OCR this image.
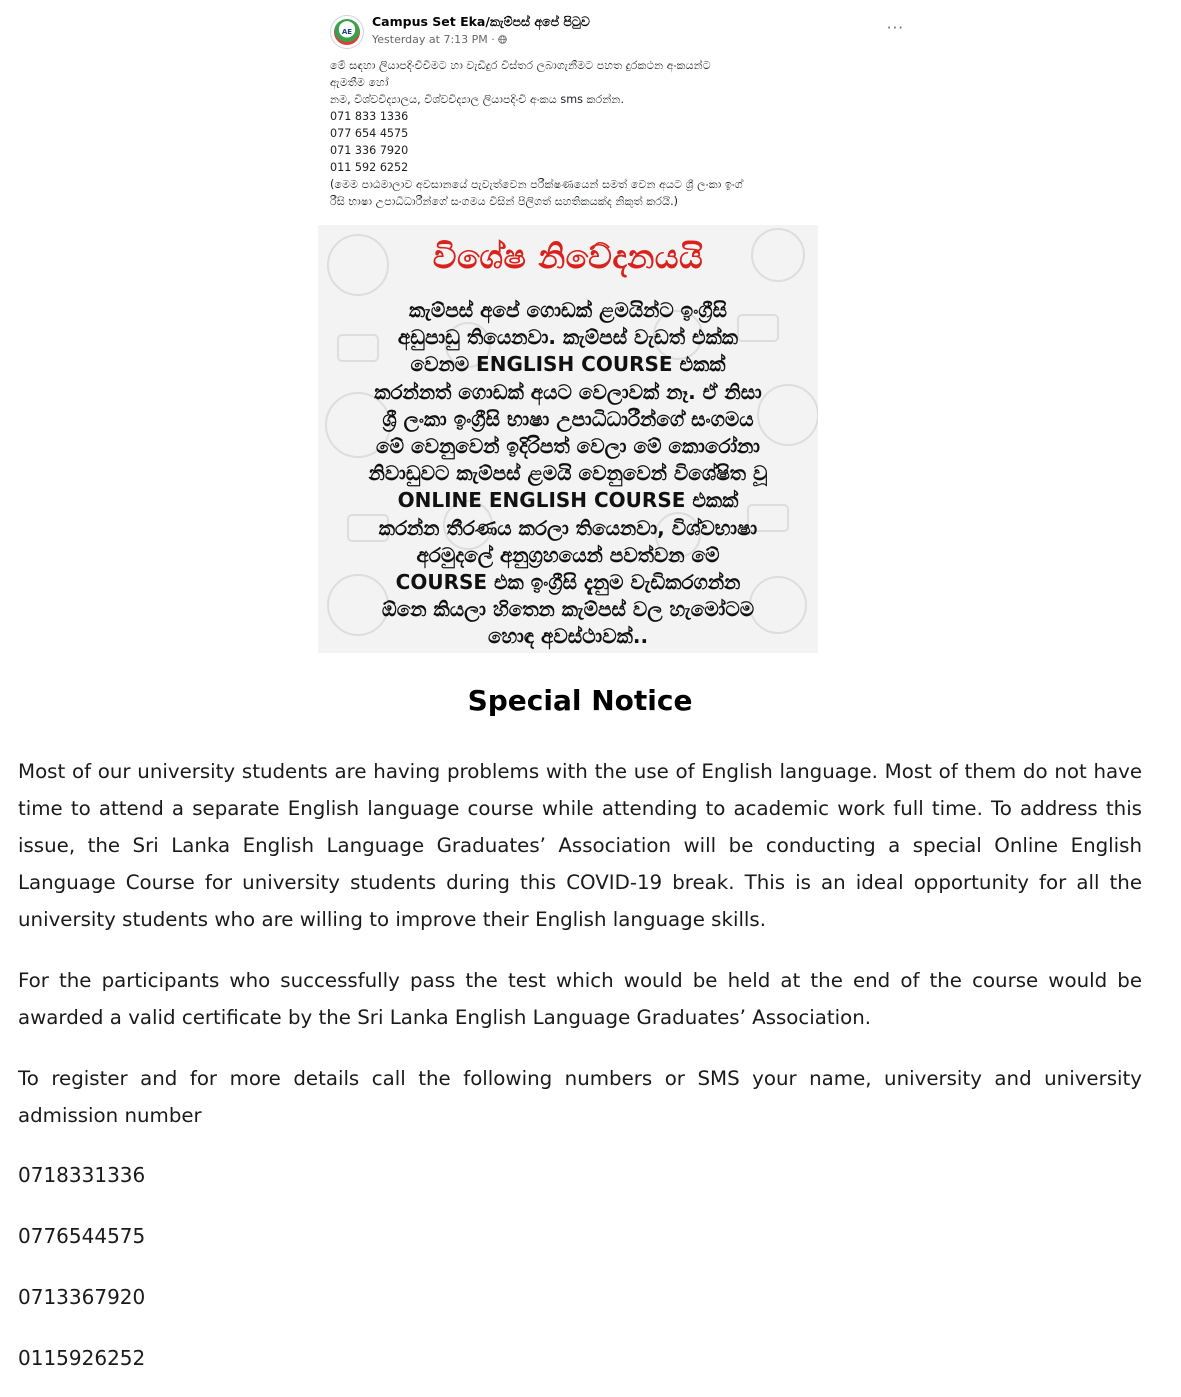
AE
Campus Set Eka/කැම්පස් අපේ පිටුව
Yesterday at 7:13 PM ·
···
මේ සඳහා ලියාපදිංචිවීමට හා වැඩිදුර විස්තර ලබාගැනීමට පහත දුරකථන අංකයන්ට
ඇමතීම හෝ
නම, විශ්වවිද්‍යාලය, විශ්වවිද්‍යාල ලියාපදිංචි අංකය sms කරන්න.
071 833 1336
077 654 4575
071 336 7920
011 592 6252
(මෙම පාඨමාලාව අවසානයේ පැවැත්වෙන පරීක්ෂණයෙන් සමත් වෙන අයට ශ්‍රී ලංකා ඉංග්
රීසි භාෂා උපාධිධාරීන්ගේ සංගමය විසින් පිලිගත් සහතිකයක්ද නිකුත් කරයි.)
විශේෂ නිවේදනයයි
කැම්පස් අපේ ගොඩක් ළමයින්ට ඉංග්‍රීසි
අඩුපාඩු තියෙනවා. කැම්පස් වැඩත් එක්ක
වෙනම ENGLISH COURSE එකක්
කරන්නත් ගොඩක් අයට වෙලාවක් නෑ. ඒ නිසා
ශ්‍රී ලංකා ඉංග්‍රීසි භාෂා උපාධිධාරීන්ගේ සංගමය
මේ වෙනුවෙන් ඉදිරිපත් වෙලා මේ කොරෝනා
නිවාඩුවට කැම්පස් ළමයි වෙනුවෙන් විශේෂිත වූ
ONLINE ENGLISH COURSE එකක්
කරන්න තීරණය කරලා තියෙනවා, විශ්වභාෂා
අරමුදලේ අනුග්‍රහයෙන් පවත්වන මේ
COURSE එක ඉංග්‍රීසි දැනුම වැඩිකරගන්න
ඕනෙ කියලා හිතෙන කැම්පස් වල හැමෝටම
හොඳ අවස්ථාවක්..
Special Notice

Most of our university students are having problems with the use of English language. Most of them do not have time to attend a separate English language course while attending to academic work full time. To address this issue, the Sri Lanka English Language Graduates’ Association will be conducting a special Online English Language Course for university students during this COVID-19 break. This is an ideal opportunity for all the university students who are willing to improve their English language skills.

For the participants who successfully pass the test which would be held at the end of the course would be awarded a valid certificate by the Sri Lanka English Language Graduates’ Association.

To register and for more details call the following numbers or SMS your name, university and university admission number

0718331336
0776544575
0713367920
0115926252
